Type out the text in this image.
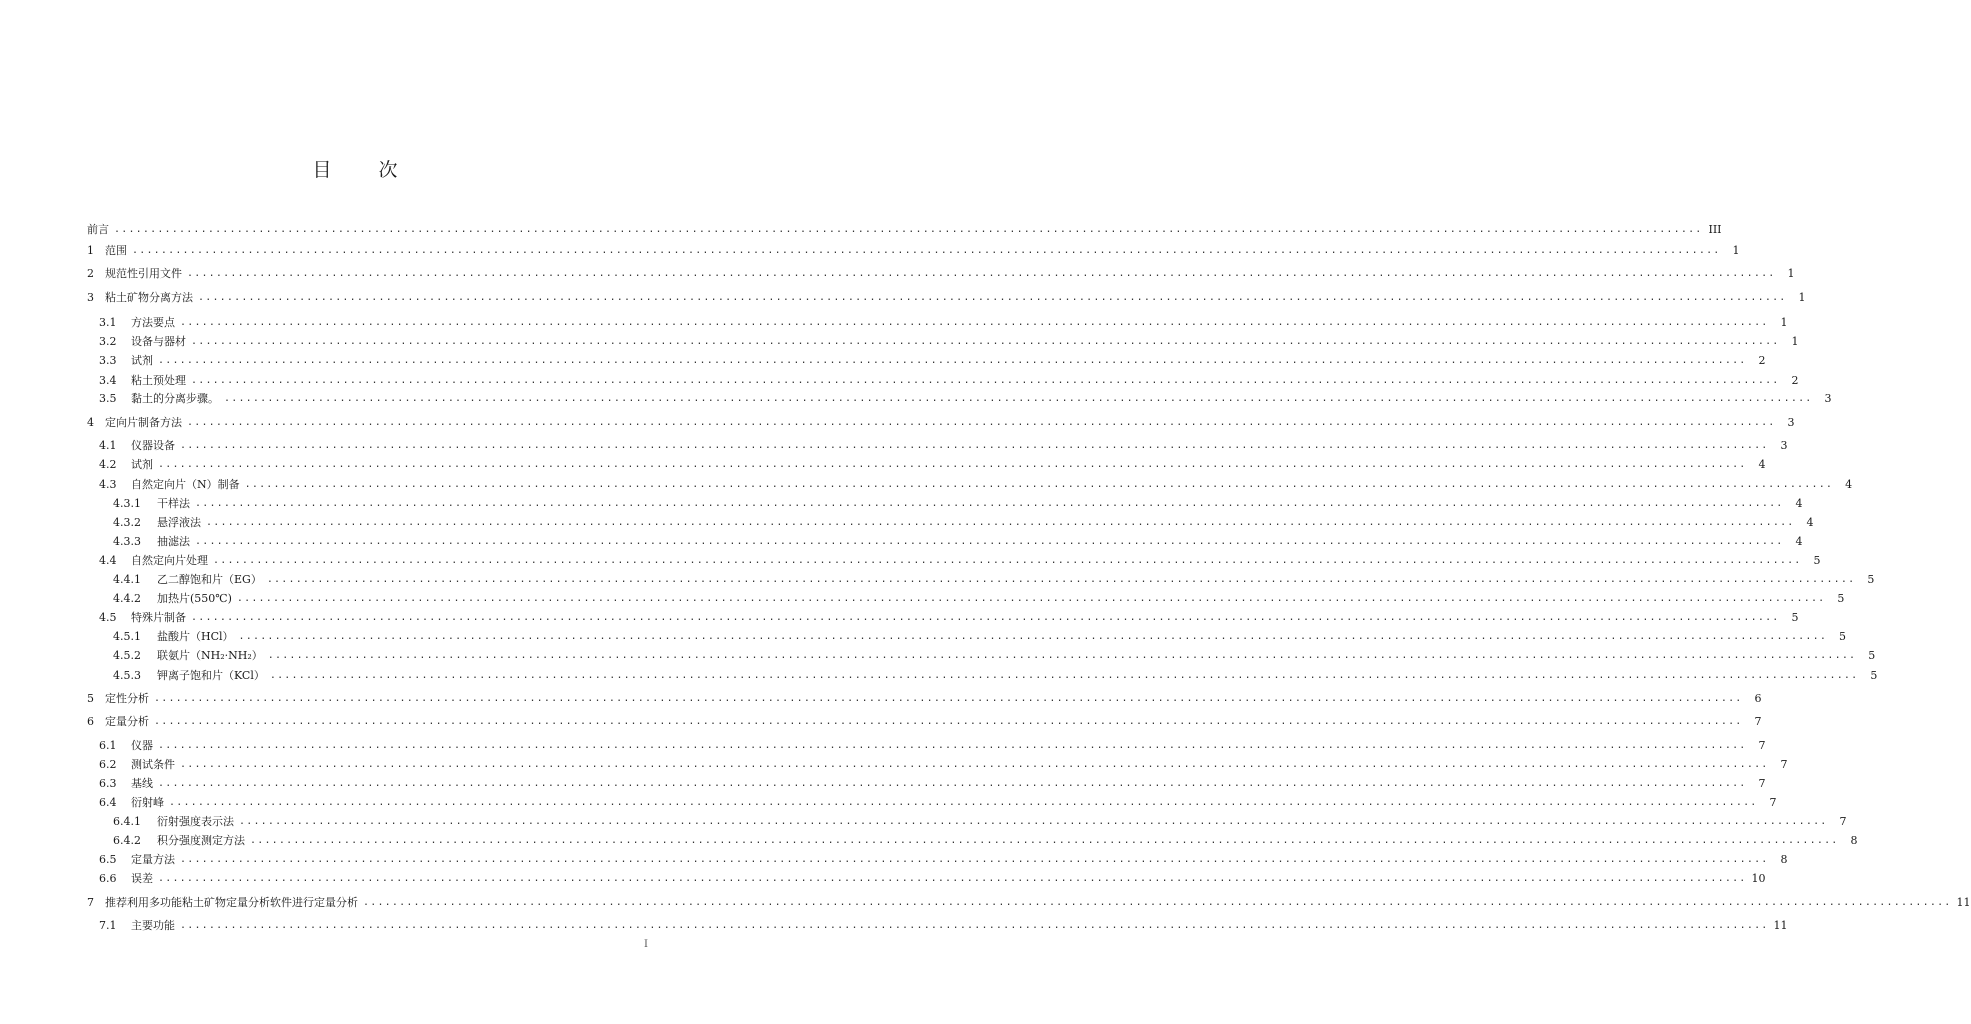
目　次
前言 ............................................................................................................................................................................................................................ III
1	范围 ............................................................................................................................................................................................................................	1
2	规范性引用文件 ............................................................................................................................................................................................................................	1
3	粘土矿物分离方法 ............................................................................................................................................................................................................................	1
3.1	方法要点 ............................................................................................................................................................................................................................	1
3.2	设备与器材 ............................................................................................................................................................................................................................	1
3.3	试剂 ............................................................................................................................................................................................................................	2
3.4	粘土预处理 ............................................................................................................................................................................................................................	2
3.5	黏土的分离步骤。 ............................................................................................................................................................................................................................	3
4	定向片制备方法 ............................................................................................................................................................................................................................	3
4.1	仪器设备 ............................................................................................................................................................................................................................	3
4.2	试剂 ............................................................................................................................................................................................................................	4
4.3	自然定向片（N）制备 ............................................................................................................................................................................................................................	4
4.3.1	干样法 ............................................................................................................................................................................................................................	4
4.3.2	悬浮液法 ............................................................................................................................................................................................................................	4
4.3.3	抽滤法 ............................................................................................................................................................................................................................	4
4.4	自然定向片处理 ............................................................................................................................................................................................................................	5
4.4.1	乙二醇饱和片（EG） ............................................................................................................................................................................................................................	5
4.4.2	加热片(550℃) ............................................................................................................................................................................................................................	5
4.5	特殊片制备 ............................................................................................................................................................................................................................	5
4.5.1	盐酸片（HCl） ............................................................................................................................................................................................................................	5
4.5.2	联氨片（NH₂·NH₂） ............................................................................................................................................................................................................................	5
4.5.3	钾离子饱和片（KCl） ............................................................................................................................................................................................................................	5
5	定性分析 ............................................................................................................................................................................................................................	6
6	定量分析 ............................................................................................................................................................................................................................	7
6.1	仪器 ............................................................................................................................................................................................................................	7
6.2	测试条件 ............................................................................................................................................................................................................................	7
6.3	基线 ............................................................................................................................................................................................................................	7
6.4	衍射峰 ............................................................................................................................................................................................................................	7
6.4.1	衍射强度表示法 ............................................................................................................................................................................................................................	7
6.4.2	积分强度测定方法 ............................................................................................................................................................................................................................	8
6.5	定量方法 ............................................................................................................................................................................................................................	8
6.6	误差 ............................................................................................................................................................................................................................ 10
7	推荐利用多功能粘土矿物定量分析软件进行定量分析 ............................................................................................................................................................................................................................ 11
7.1	主要功能 ............................................................................................................................................................................................................................ 11
I
